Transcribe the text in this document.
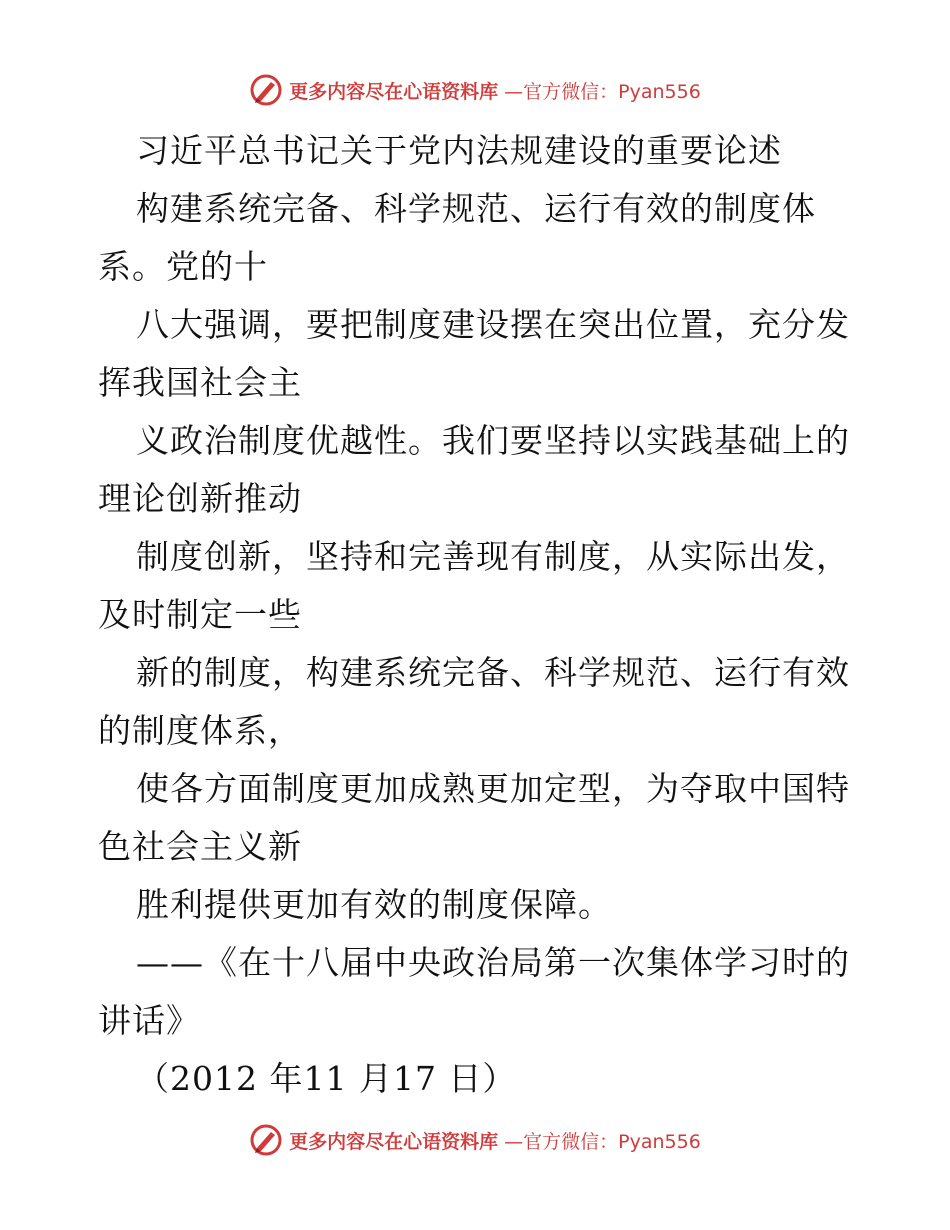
更多内容尽在心语资料库 —官方微信：Pyan556
习近平总书记关于党内法规建设的重要论述
构建系统完备、科学规范、运行有效的制度体
系。党的十
八大强调，要把制度建设摆在突出位置，充分发
挥我国社会主
义政治制度优越性。我们要坚持以实践基础上的
理论创新推动
制度创新，坚持和完善现有制度，从实际出发，
及时制定一些
新的制度，构建系统完备、科学规范、运行有效
的制度体系，
使各方面制度更加成熟更加定型，为夺取中国特
色社会主义新
胜利提供更加有效的制度保障。
——《在十八届中央政治局第一次集体学习时的
讲话》
（2012 年11 月17 日）
更多内容尽在心语资料库 —官方微信：Pyan556
